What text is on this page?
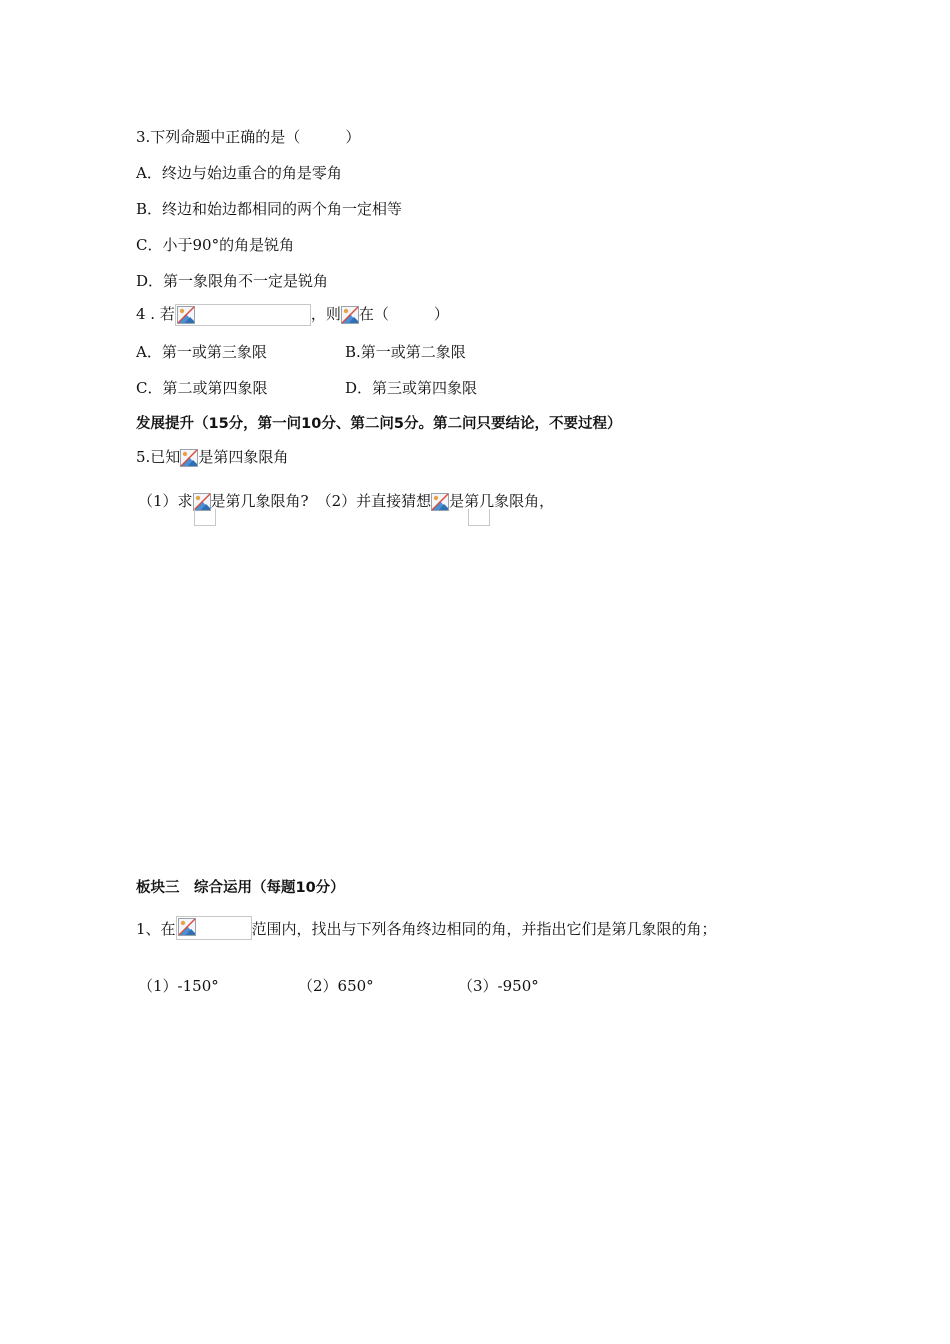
3.下列命题中正确的是（　　　）
A．终边与始边重合的角是零角
B．终边和始边都相同的两个角一定相等
C．小于90°的角是锐角
D．第一象限角不一定是锐角
4 . 若	，则 在（　　　）
A．第一或第三象限	B.第一或第二象限
C．第二或第四象限	D．第三或第四象限
发展提升（15分，第一问10分、第二问5分。第二问只要结论，不要过程）
5.已知 是第四象限角
（1）求 是第几象限角? （2）并直接猜想 是第几象限角，
板块三　综合运用（每题10分）
1、在	范围内，找出与下列各角终边相同的角，并指出它们是第几象限的角；
（1）-150°	（2）650°	（3）-950°
